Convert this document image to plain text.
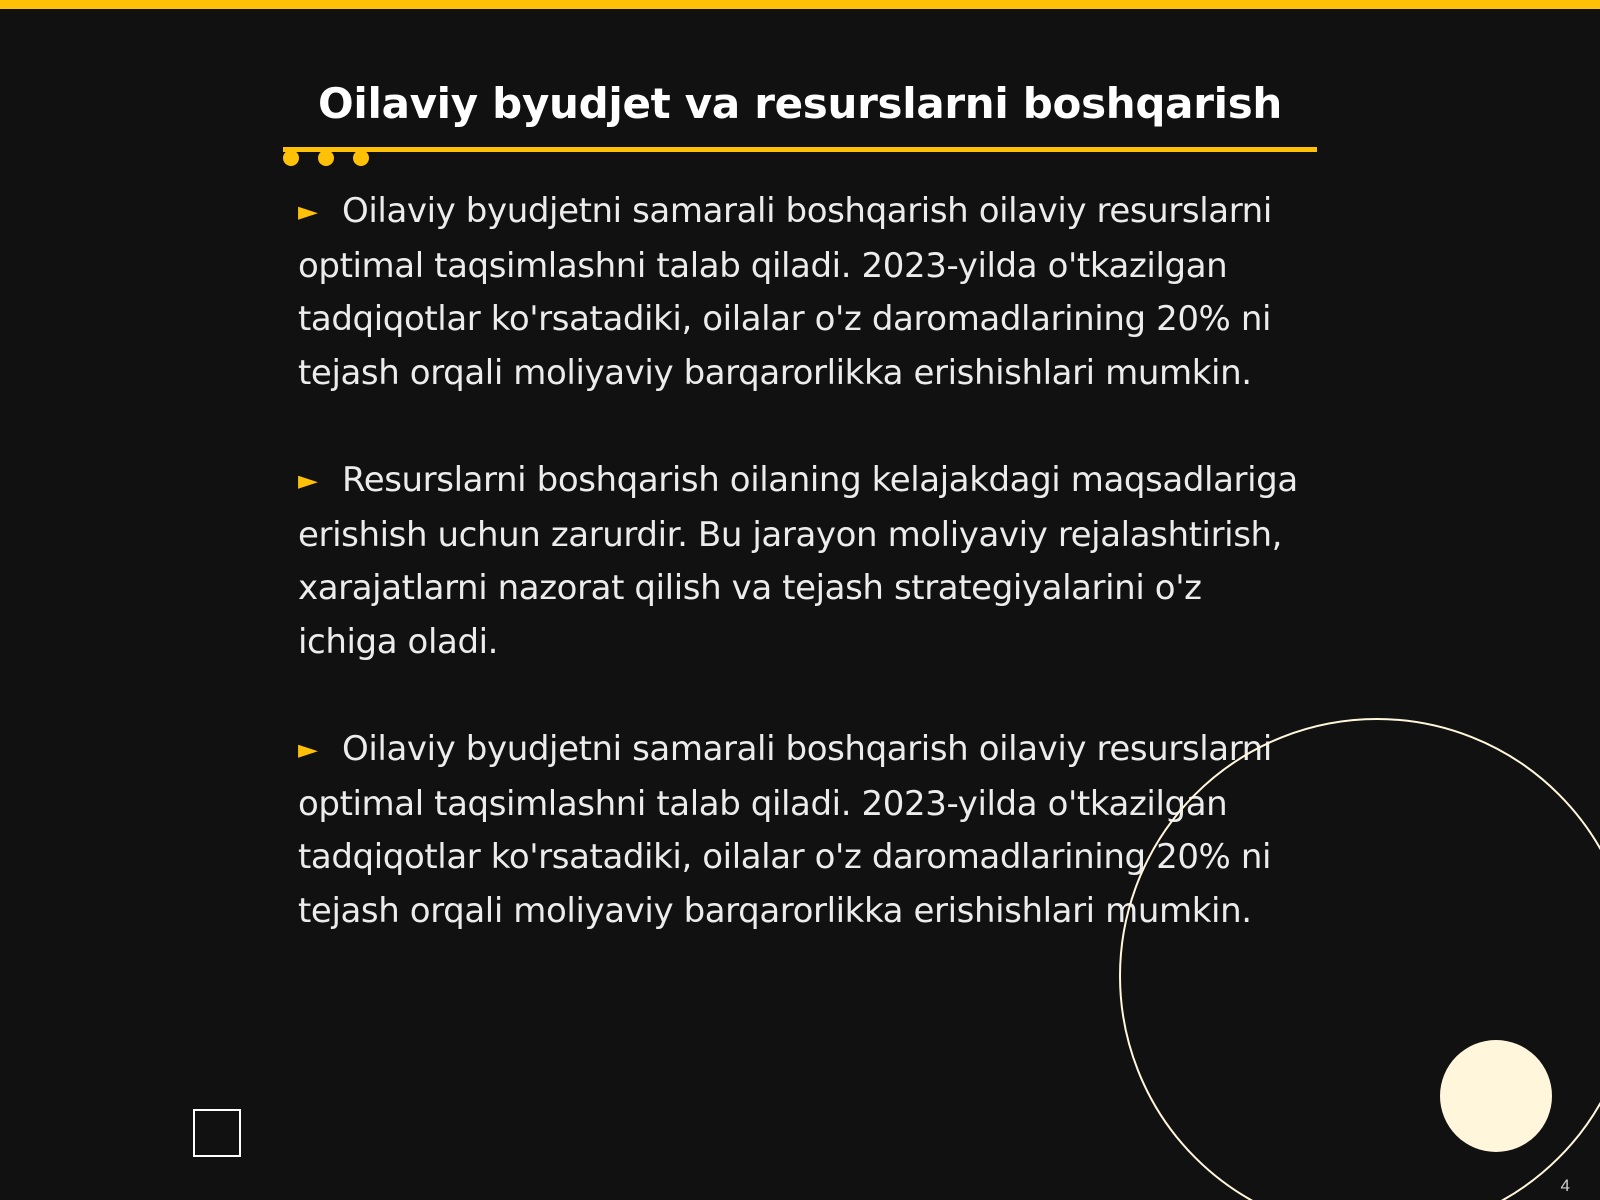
Oilaviy byudjet va resurslarni boshqarish

► Oilaviy byudjetni samarali boshqarish oilaviy resurslarni optimal taqsimlashni talab qiladi. 2023-yilda o'tkazilgan tadqiqotlar ko'rsatadiki, oilalar o'z daromadlarining 20% ni tejash orqali moliyaviy barqarorlikka erishishlari mumkin.

► Resurslarni boshqarish oilaning kelajakdagi maqsadlariga erishish uchun zarurdir. Bu jarayon moliyaviy rejalashtirish, xarajatlarni nazorat qilish va tejash strategiyalarini o'z ichiga oladi.

► Oilaviy byudjetni samarali boshqarish oilaviy resurslarni optimal taqsimlashni talab qiladi. 2023-yilda o'tkazilgan tadqiqotlar ko'rsatadiki, oilalar o'z daromadlarining 20% ni tejash orqali moliyaviy barqarorlikka erishishlari mumkin.

4
